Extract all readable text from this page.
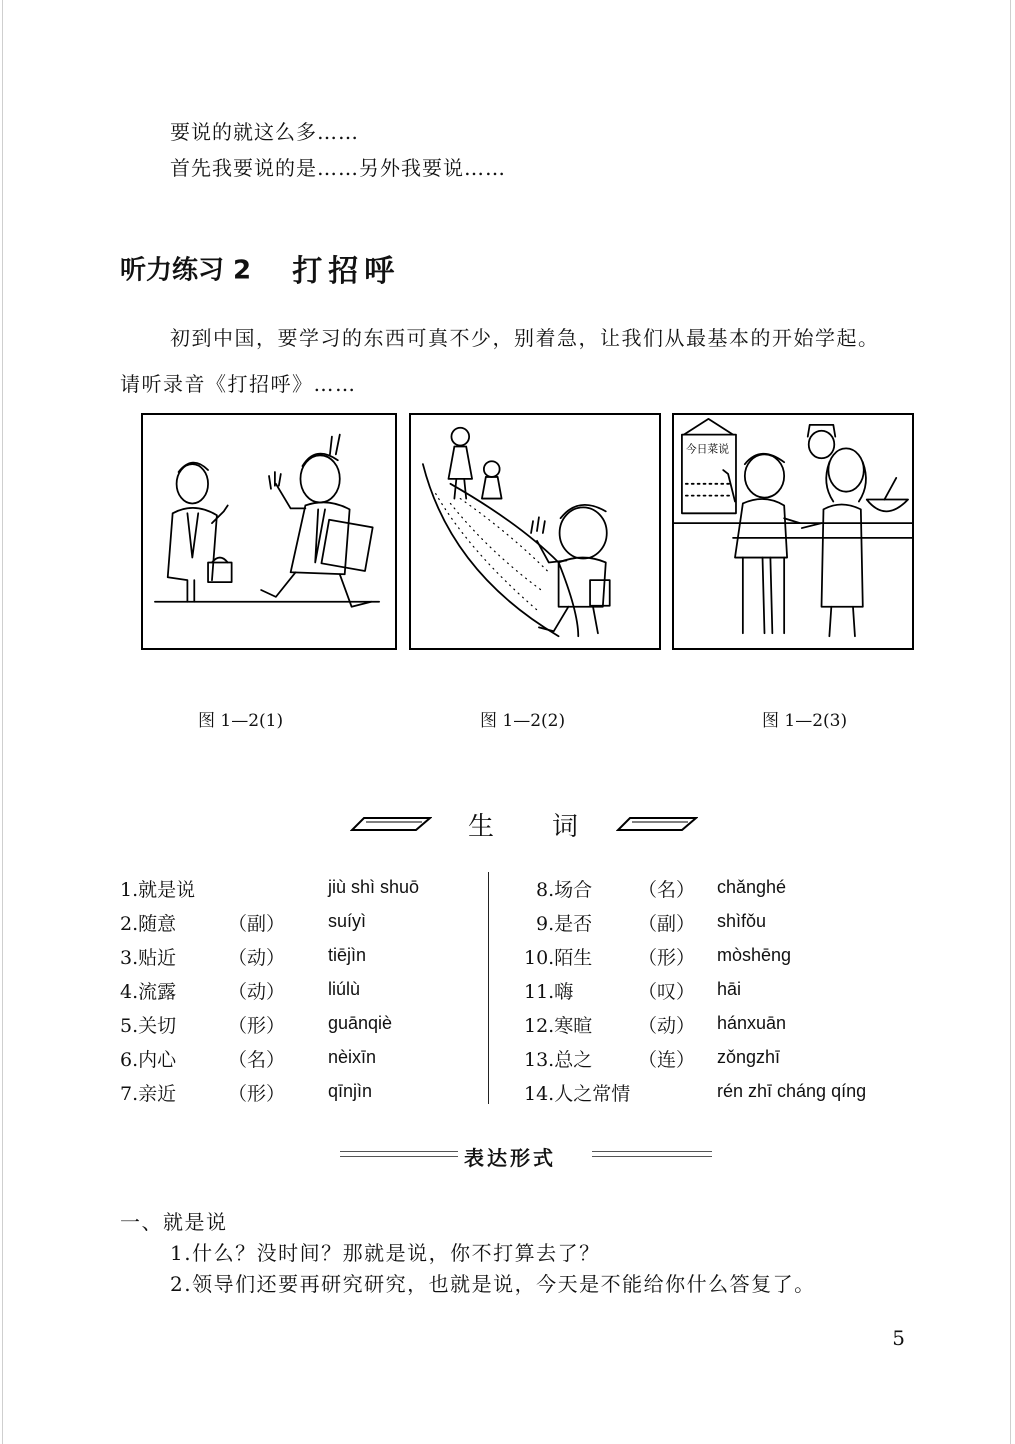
要说的就这么多……
首先我要说的是……另外我要说……
听力练习 2 打招呼
初到中国，要学习的东西可真不少，别着急，让我们从最基本的开始学起。
请听录音《打招呼》……
今日菜说
图 1—2(1)	图 1—2(2)	图 1—2(3)
生词
1.就是说	jiù shì shuō
2.随意	（副） suíyì
3.贴近	（动） tiējìn
4.流露	（动） liúlù
5.关切	（形） guānqiè
6.内心	（名） nèixīn
7.亲近	（形） qīnjìn
8.场合 （名） chǎnghé
9.是否 （副） shìfǒu
10.陌生 （形） mòshēng
11.嗨	（叹） hāi
12.寒暄 （动） hánxuān
13.总之 （连） zǒngzhī
14.人之常情	rén zhī cháng qíng
表达形式
一、就是说
1.什么？没时间？那就是说，你不打算去了？
2.领导们还要再研究研究，也就是说，今天是不能给你什么答复了。
5
